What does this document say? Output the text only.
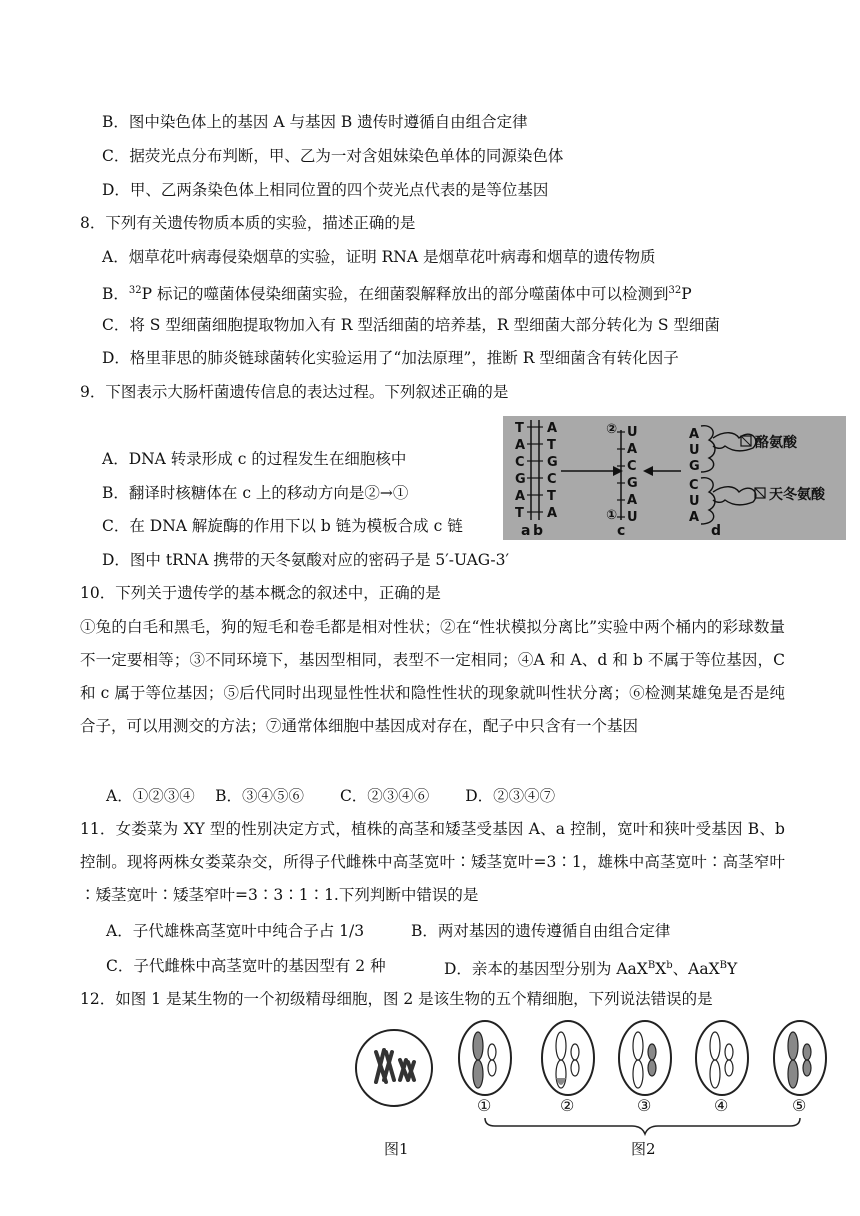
B．图中染色体上的基因 A 与基因 B 遗传时遵循自由组合定律
C．据荧光点分布判断，甲、乙为一对含姐妹染色单体的同源染色体
D．甲、乙两条染色体上相同位置的四个荧光点代表的是等位基因
8．下列有关遗传物质本质的实验，描述正确的是
A．烟草花叶病毒侵染烟草的实验，证明 RNA 是烟草花叶病毒和烟草的遗传物质
B．$^{32}$P 标记的噬菌体侵染细菌实验，在细菌裂解释放出的部分噬菌体中可以检测到$^{32}$P
C．将 S 型细菌细胞提取物加入有 R 型活细菌的培养基，R 型细菌大部分转化为 S 型细菌
D．格里菲思的肺炎链球菌转化实验运用了“加法原理”，推断 R 型细菌含有转化因子
9．下图表示大肠杆菌遗传信息的表达过程。下列叙述正确的是
A．DNA 转录形成 c 的过程发生在细胞核中
B．翻译时核糖体在 c 上的移动方向是②→①
C．在 DNA 解旋酶的作用下以 b 链为模板合成 c 链
D．图中 tRNA 携带的天冬氨酸对应的密码子是 5′-UAG-3′
T
A
C
G
A
T
A
T
G
C
T
A
U
A
C
G
A
U
A
U
G
C
U
A
②
①
酪氨酸
天冬氨酸
a b	c	d
10．下列关于遗传学的基本概念的叙述中，正确的是
①兔的白毛和黑毛，狗的短毛和卷毛都是相对性状；②在“性状模拟分离比”实验中两个桶内的彩球数量不一定要相等；③不同环境下，基因型相同，表型不一定相同；④A 和 A、d 和 b 不属于等位基因，C 和 c 属于等位基因；⑤后代同时出现显性性状和隐性性状的现象就叫性状分离；⑥检测某雄兔是否是纯合子，可以用测交的方法；⑦通常体细胞中基因成对存在，配子中只含有一个基因
A．①②③④　 B．③④⑤⑥　　 C．②③④⑥　　 D．②③④⑦
11．女娄菜为 XY 型的性别决定方式，植株的高茎和矮茎受基因 A、a 控制，宽叶和狭叶受基因 B、b 控制。现将两株女娄菜杂交，所得子代雌株中高茎宽叶∶矮茎宽叶=3∶1，雄株中高茎宽叶∶高茎窄叶∶矮茎宽叶∶矮茎窄叶=3∶3∶1∶1.下列判断中错误的是
A．子代雄株高茎宽叶中纯合子占 1/3	B．两对基因的遗传遵循自由组合定律
C．子代雌株中高茎宽叶的基因型有 2 种	D．亲本的基因型分别为 $AaX^BX^b$、AaX$^B$Y
12．如图 1 是某生物的一个初级精母细胞，图 2 是该生物的五个精细胞，下列说法错误的是
①	②	③	④	⑤
图1	图2
